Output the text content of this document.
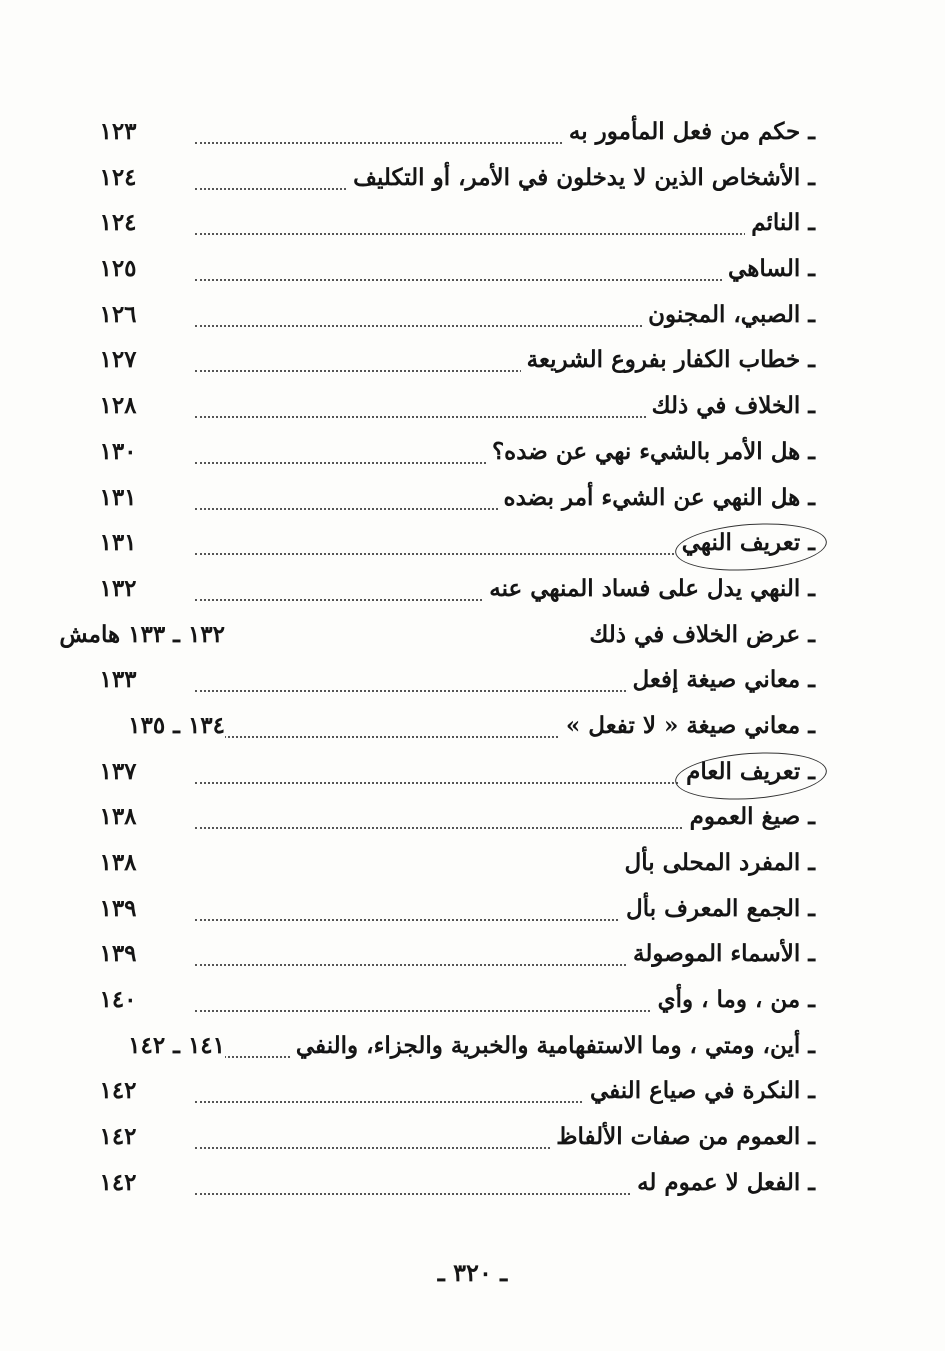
ـ حكم من فعل المأمور به
١٢٣
ـ الأشخاص الذين لا يدخلون في الأمر، أو التكليف
١٢٤
ـ النائم
١٢٤
ـ الساهي
١٢٥
ـ الصبي، المجنون
١٢٦
ـ خطاب الكفار بفروع الشريعة
١٢٧
ـ الخلاف في ذلك
١٢٨
ـ هل الأمر بالشيء نهي عن ضده؟
١٣٠
ـ هل النهي عن الشيء أمر بضده
١٣١
ـ تعريف النهي
١٣١
ـ النهي يدل على فساد المنهي عنه
١٣٢
ـ عرض الخلاف في ذلك
١٣٢ ـ ١٣٣ هامش
ـ معاني صيغة إفعل
١٣٣
ـ معاني صيغة « لا تفعل »
١٣٤ ـ ١٣٥
ـ تعريف العام
١٣٧
ـ صيغ العموم
١٣٨
ـ المفرد المحلى بأل
١٣٨
ـ الجمع المعرف بأل
١٣٩
ـ الأسماء الموصولة
١٣٩
ـ من ، وما ، وأي
١٤٠
ـ أين، ومتي ، وما الاستفهامية والخبرية والجزاء، والنفي
١٤١ ـ ١٤٢
ـ النكرة في صياع النفي
١٤٢
ـ العموم من صفات الألفاظ
١٤٢
ـ الفعل لا عموم له
١٤٢
ـ ٣٢٠ ـ
